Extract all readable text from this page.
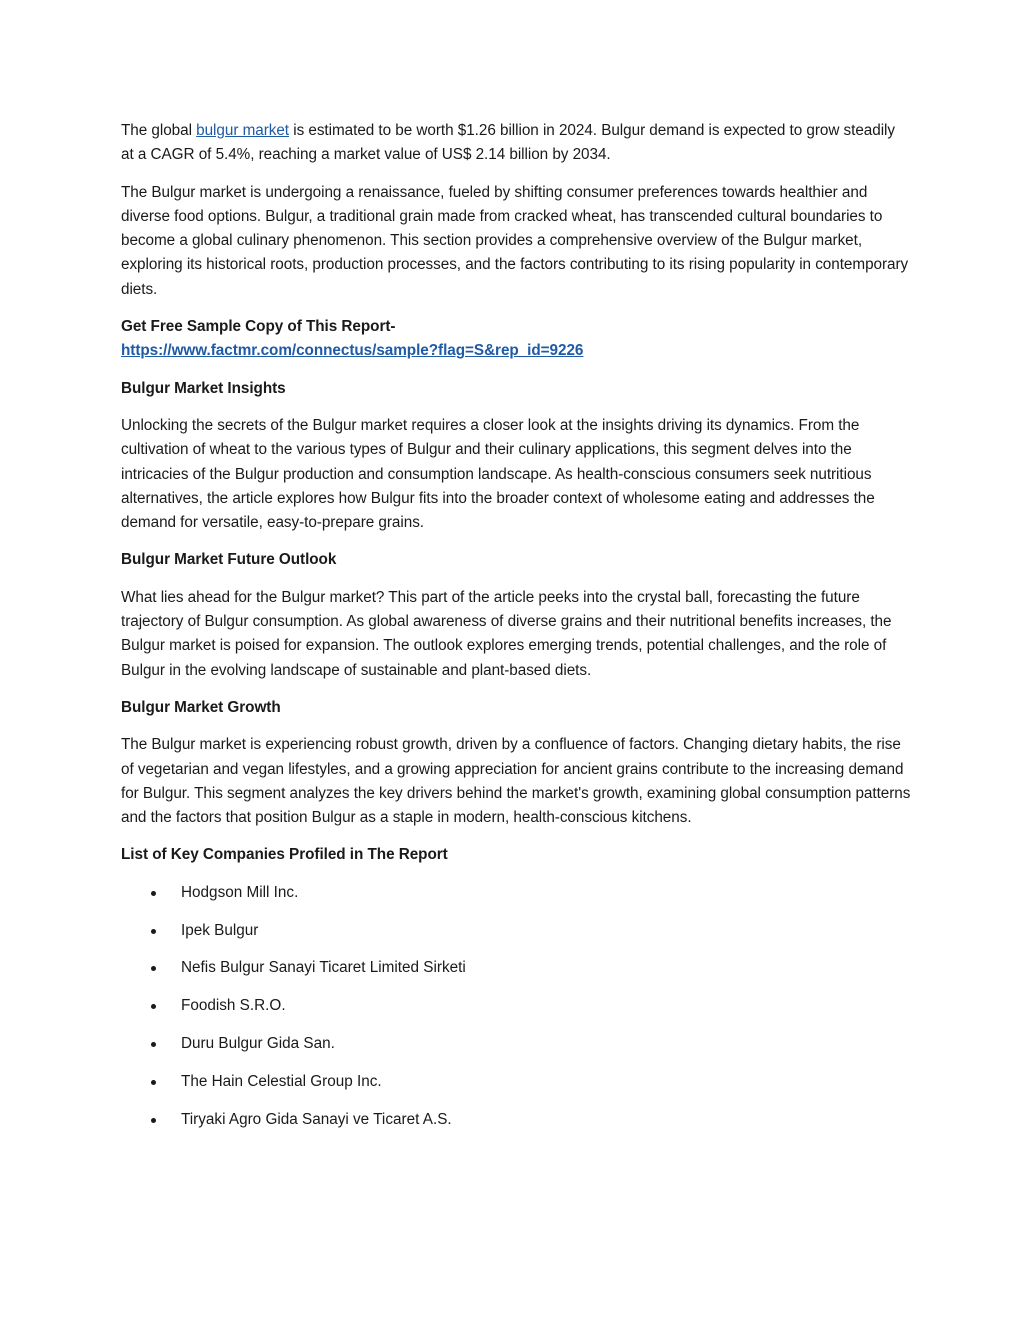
The global bulgur market is estimated to be worth $1.26 billion in 2024. Bulgur demand is expected to grow steadily at a CAGR of 5.4%, reaching a market value of US$ 2.14 billion by 2034.

The Bulgur market is undergoing a renaissance, fueled by shifting consumer preferences towards healthier and diverse food options. Bulgur, a traditional grain made from cracked wheat, has transcended cultural boundaries to become a global culinary phenomenon. This section provides a comprehensive overview of the Bulgur market, exploring its historical roots, production processes, and the factors contributing to its rising popularity in contemporary diets.

Get Free Sample Copy of This Report-

https://www.factmr.com/connectus/sample?flag=S&rep_id=9226

Bulgur Market Insights

Unlocking the secrets of the Bulgur market requires a closer look at the insights driving its dynamics. From the cultivation of wheat to the various types of Bulgur and their culinary applications, this segment delves into the intricacies of the Bulgur production and consumption landscape. As health-conscious consumers seek nutritious alternatives, the article explores how Bulgur fits into the broader context of wholesome eating and addresses the demand for versatile, easy-to-prepare grains.

Bulgur Market Future Outlook

What lies ahead for the Bulgur market? This part of the article peeks into the crystal ball, forecasting the future trajectory of Bulgur consumption. As global awareness of diverse grains and their nutritional benefits increases, the Bulgur market is poised for expansion. The outlook explores emerging trends, potential challenges, and the role of Bulgur in the evolving landscape of sustainable and plant-based diets.

Bulgur Market Growth

The Bulgur market is experiencing robust growth, driven by a confluence of factors. Changing dietary habits, the rise of vegetarian and vegan lifestyles, and a growing appreciation for ancient grains contribute to the increasing demand for Bulgur. This segment analyzes the key drivers behind the market's growth, examining global consumption patterns and the factors that position Bulgur as a staple in modern, health-conscious kitchens.

List of Key Companies Profiled in The Report

Hodgson Mill Inc.
Ipek Bulgur
Nefis Bulgur Sanayi Ticaret Limited Sirketi
Foodish S.R.O.
Duru Bulgur Gida San.
The Hain Celestial Group Inc.
Tiryaki Agro Gida Sanayi ve Ticaret A.S.
